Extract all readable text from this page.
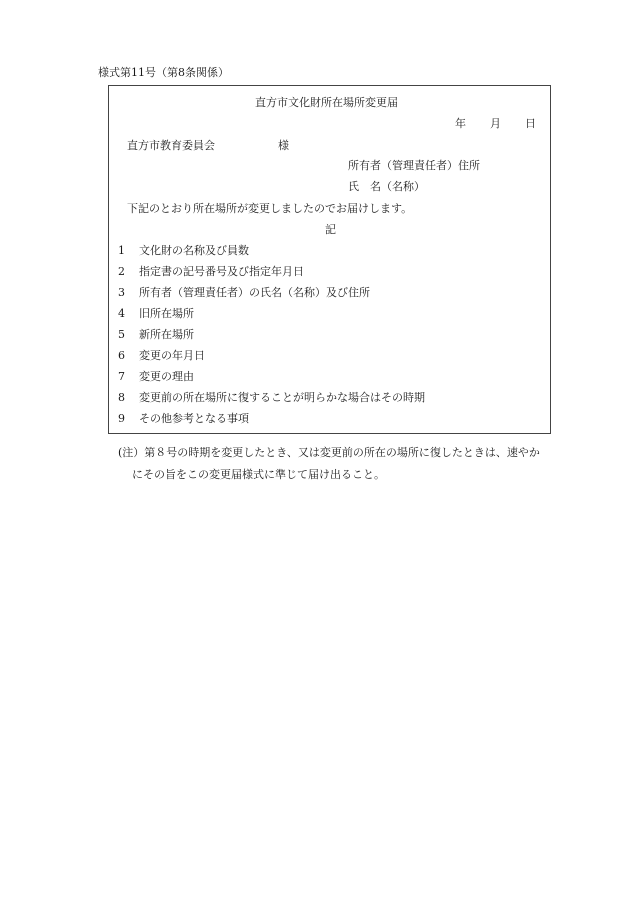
様式第11号（第8条関係）
直方市文化財所在場所変更届
年 月 日
直方市教育委員会	様
所有者（管理責任者）住所
氏　名（名称）
下記のとおり所在場所が変更しましたのでお届けします。
記
1 文化財の名称及び員数
2 指定書の記号番号及び指定年月日
3 所有者（管理責任者）の氏名（名称）及び住所
4 旧所在場所
5 新所在場所
6 変更の年月日
7 変更の理由
8 変更前の所在場所に復することが明らかな場合はその時期
9 その他参考となる事項
(注）第８号の時期を変更したとき、又は変更前の所在の場所に復したときは、速やか
にその旨をこの変更届様式に準じて届け出ること。
